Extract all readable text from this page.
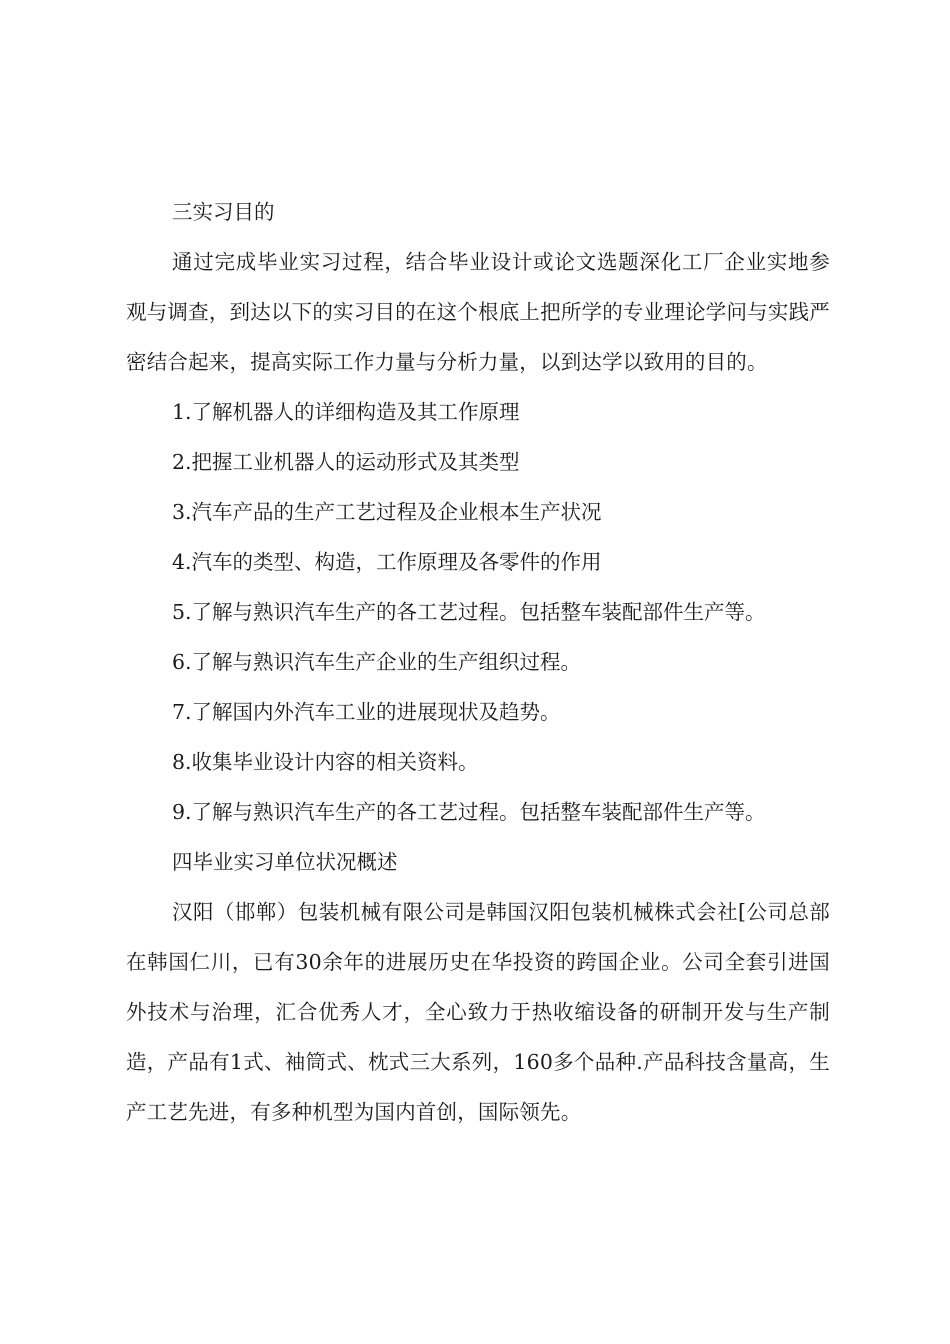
三实习目的

通过完成毕业实习过程，结合毕业设计或论文选题深化工厂企业实地参观与调查，到达以下的实习目的在这个根底上把所学的专业理论学问与实践严密结合起来，提高实际工作力量与分析力量，以到达学以致用的目的。

1.了解机器人的详细构造及其工作原理

2.把握工业机器人的运动形式及其类型

3.汽车产品的生产工艺过程及企业根本生产状况

4.汽车的类型、构造，工作原理及各零件的作用

5.了解与熟识汽车生产的各工艺过程。包括整车装配部件生产等。

6.了解与熟识汽车生产企业的生产组织过程。

7.了解国内外汽车工业的进展现状及趋势。

8.收集毕业设计内容的相关资料。

9.了解与熟识汽车生产的各工艺过程。包括整车装配部件生产等。

四毕业实习单位状况概述

汉阳（邯郸）包装机械有限公司是韩国汉阳包装机械株式会社[公司总部在韩国仁川，已有30余年的进展历史在华投资的跨国企业。公司全套引进国外技术与治理，汇合优秀人才，全心致力于热收缩设备的研制开发与生产制造，产品有1式、袖筒式、枕式三大系列，160多个品种.产品科技含量高，生产工艺先进，有多种机型为国内首创，国际领先。
